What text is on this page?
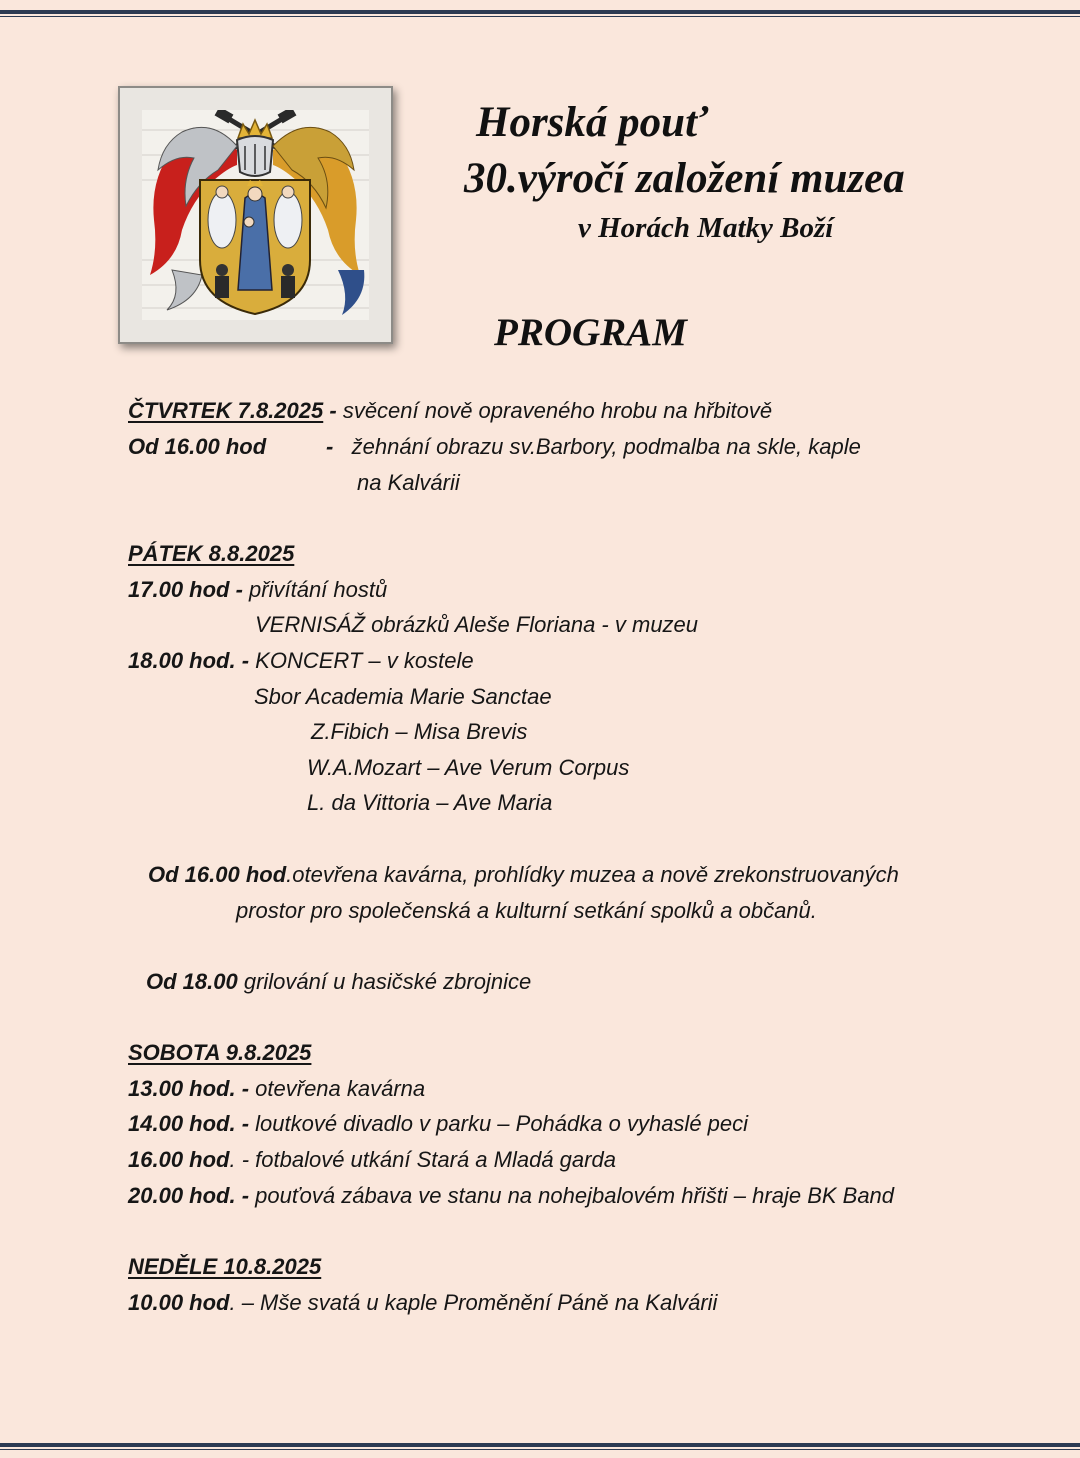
Horská pouť
30.výročí založení muzea
v Horách Matky Boží
PROGRAM
ČTVRTEK 7.8.2025 - svěcení nově opraveného hrobu na hřbitově
Od 16.00 hod	- žehnání obrazu sv.Barbory, podmalba na skle, kaple
na Kalvárii
PÁTEK 8.8.2025
17.00 hod - přivítání hostů
VERNISÁŽ obrázků Aleše Floriana - v muzeu
18.00 hod. - KONCERT – v kostele
Sbor Academia Marie Sanctae
Z.Fibich – Misa Brevis
W.A.Mozart – Ave Verum Corpus
L. da Vittoria – Ave Maria
Od 16.00 hod.otevřena kavárna, prohlídky muzea a nově zrekonstruovaných
prostor pro společenská a kulturní setkání spolků a občanů.
Od 18.00 grilování u hasičské zbrojnice
SOBOTA 9.8.2025
13.00 hod. - otevřena kavárna
14.00 hod. - loutkové divadlo v parku – Pohádka o vyhaslé peci
16.00 hod. - fotbalové utkání Stará a Mladá garda
20.00 hod. - pouťová zábava ve stanu na nohejbalovém hřišti – hraje BK Band
NEDĚLE 10.8.2025
10.00 hod. – Mše svatá u kaple Proměnění Páně na Kalvárii
